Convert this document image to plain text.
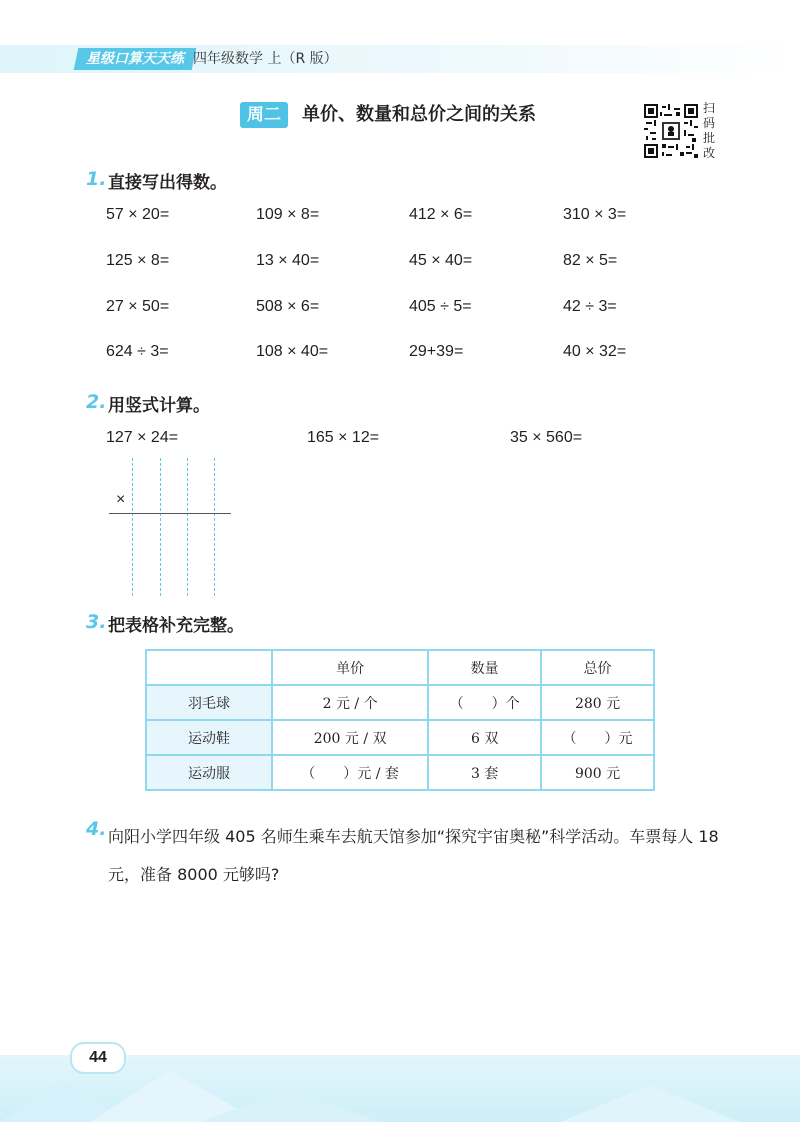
星级口算天天练 四年级数学 上（R 版）
周二	单价、数量和总价之间的关系	扫码批改
1. 直接写出得数。
57 × 20=	109 × 8=	412 × 6=	310 × 3=
125 × 8=	13 × 40=	45 × 40=	82 × 5=
27 × 50=	508 × 6=	405 ÷ 5=	42 ÷ 3=
624 ÷ 3=	108 × 40=	29+39=	40 × 32=
2. 用竖式计算。
127 × 24=	165 × 12=	35 × 560=
×
3. 把表格补充完整。
	单价	数量	总价
羽毛球	2 元 / 个	（　　）个	280 元
运动鞋	200 元 / 双	6 双	（　　）元
运动服	（　　）元 / 套	3 套	900 元
4. 向阳小学四年级 405 名师生乘车去航天馆参加“探究宇宙奥秘”科学活动。车票每人 18 元，准备 8000 元够吗?
44
